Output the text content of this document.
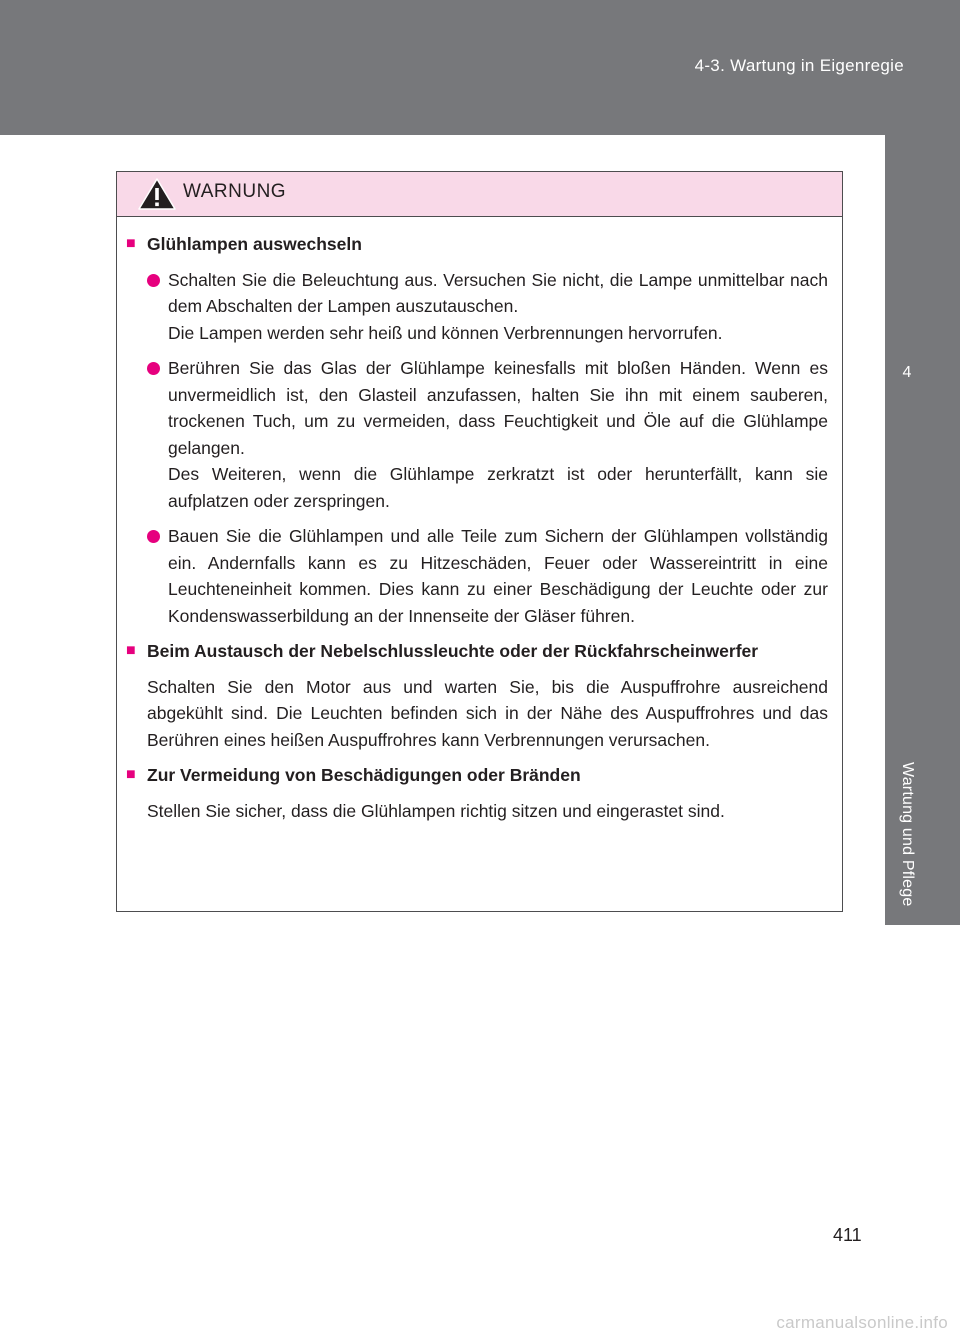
4-3. Wartung in Eigenregie
4
Wartung und Pflege
WARNUNG
■ Glühlampen auswechseln
Schalten Sie die Beleuchtung aus. Versuchen Sie nicht, die Lampe unmittelbar nach dem Abschalten der Lampen auszutauschen.
Die Lampen werden sehr heiß und können Verbrennungen hervorrufen.
Berühren Sie das Glas der Glühlampe keinesfalls mit bloßen Händen. Wenn es unvermeidlich ist, den Glasteil anzufassen, halten Sie ihn mit einem sauberen, trockenen Tuch, um zu vermeiden, dass Feuchtigkeit und Öle auf die Glühlampe gelangen.
Des Weiteren, wenn die Glühlampe zerkratzt ist oder herunterfällt, kann sie aufplatzen oder zerspringen.
Bauen Sie die Glühlampen und alle Teile zum Sichern der Glühlampen vollständig ein. Andernfalls kann es zu Hitzeschäden, Feuer oder Wassereintritt in eine Leuchteneinheit kommen. Dies kann zu einer Beschädigung der Leuchte oder zur Kondenswasserbildung an der Innenseite der Gläser führen.
■ Beim Austausch der Nebelschlussleuchte oder der Rückfahrscheinwerfer
Schalten Sie den Motor aus und warten Sie, bis die Auspuffrohre ausreichend abgekühlt sind. Die Leuchten befinden sich in der Nähe des Auspuffrohres und das Berühren eines heißen Auspuffrohres kann Verbrennungen verursachen.
■ Zur Vermeidung von Beschädigungen oder Bränden
Stellen Sie sicher, dass die Glühlampen richtig sitzen und eingerastet sind.
411
carmanualsonline.info
